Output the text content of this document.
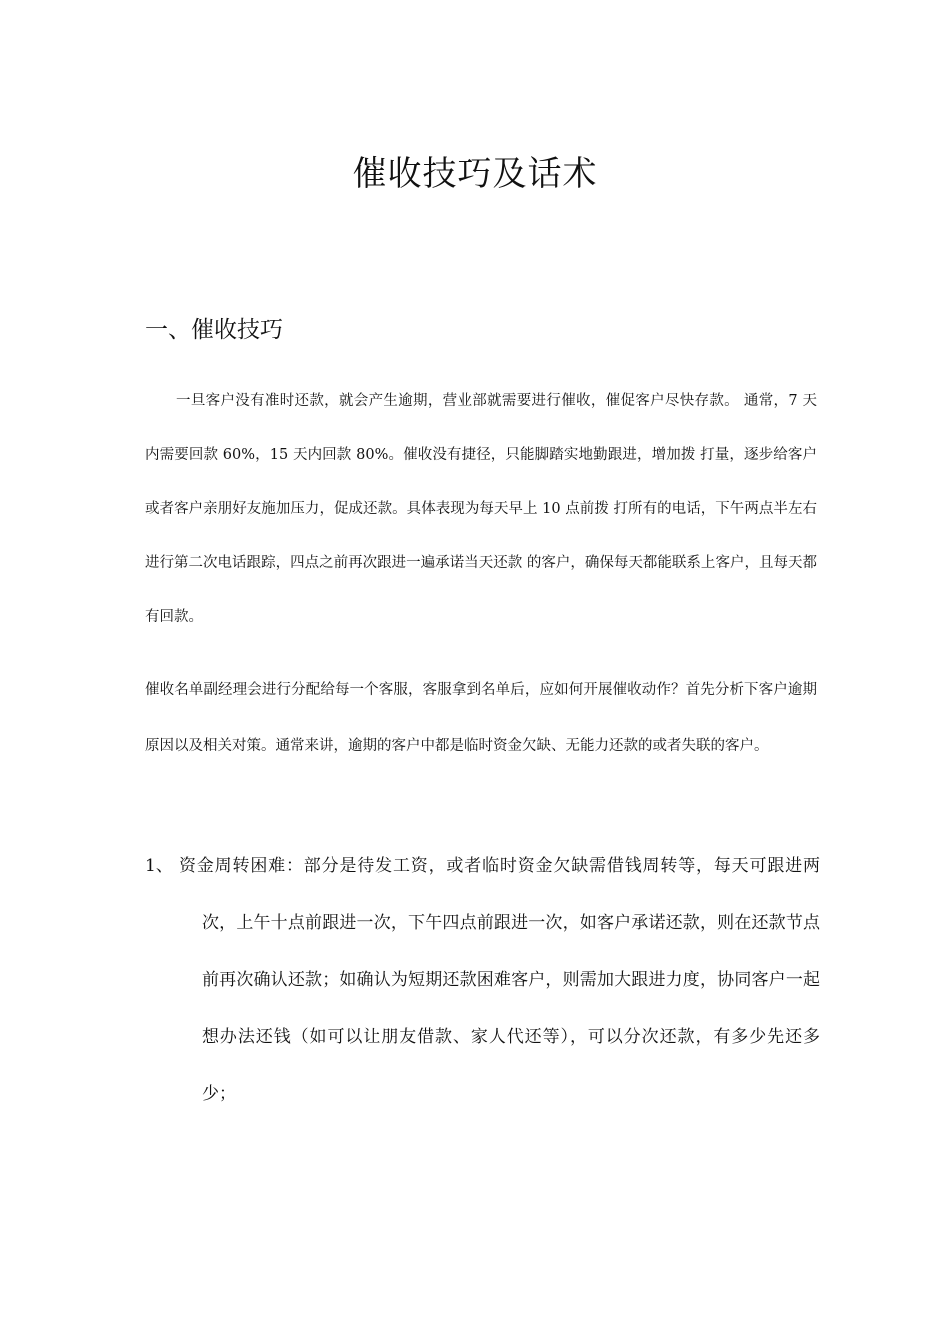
催收技巧及话术
一、催收技巧

一旦客户没有准时还款，就会产生逾期，营业部就需要进行催收，催促客户尽快存款。 通常，7 天内需要回款 60%，15 天内回款 80%。催收没有捷径，只能脚踏实地勤跟进，增加拨 打量，逐步给客户或者客户亲朋好友施加压力，促成还款。具体表现为每天早上 10 点前拨 打所有的电话，下午两点半左右进行第二次电话跟踪，四点之前再次跟进一遍承诺当天还款 的客户，确保每天都能联系上客户，且每天都有回款。

催收名单副经理会进行分配给每一个客服，客服拿到名单后，应如何开展催收动作？首先分析下客户逾期原因以及相关对策。通常来讲，逾期的客户中都是临时资金欠缺、无能力还款的或者失联的客户。

1、 资金周转困难：部分是待发工资，或者临时资金欠缺需借钱周转等，每天可跟进两 次，上午十点前跟进一次，下午四点前跟进一次，如客户承诺还款，则在还款节点 前再次确认还款；如确认为短期还款困难客户，则需加大跟进力度，协同客户一起 想办法还钱（如可以让朋友借款、家人代还等），可以分次还款，有多少先还多少；
